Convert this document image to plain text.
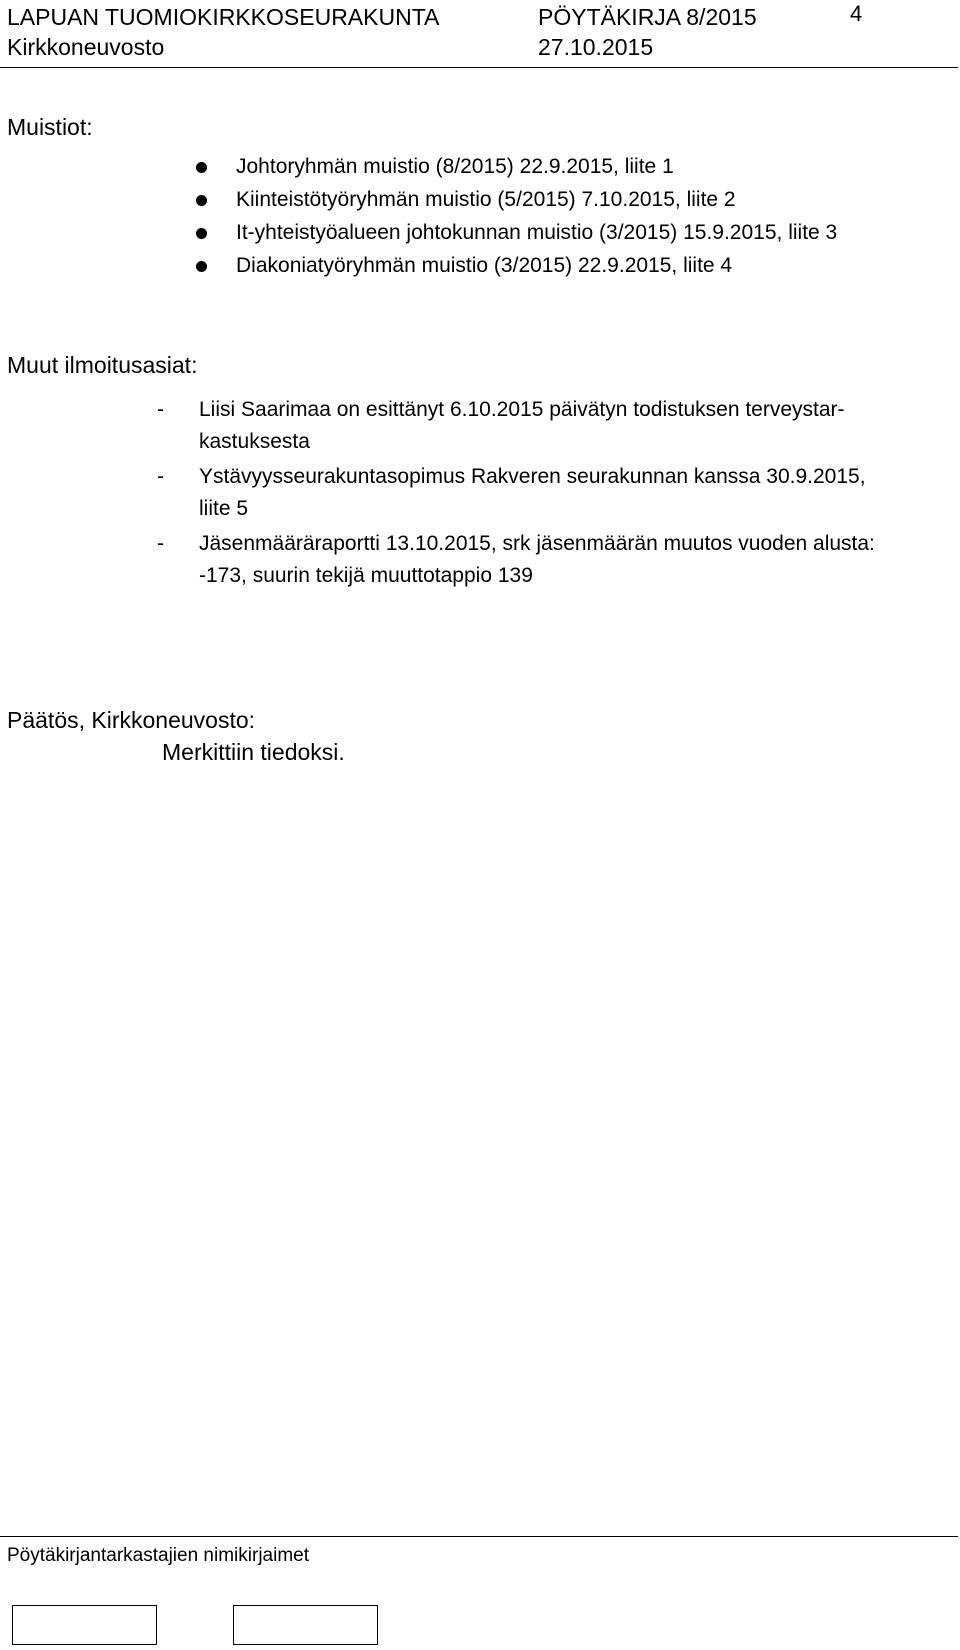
LAPUAN TUOMIOKIRKKOSEURAKUNTA	PÖYTÄKIRJA 8/2015	4
Kirkkoneuvosto	27.10.2015
Muistiot:
Johtoryhmän muistio (8/2015) 22.9.2015, liite 1
Kiinteistötyöryhmän muistio (5/2015) 7.10.2015, liite 2
It-yhteistyöalueen johtokunnan muistio (3/2015) 15.9.2015, liite 3
Diakoniatyöryhmän muistio (3/2015) 22.9.2015, liite 4
Muut ilmoitusasiat:
- Liisi Saarimaa on esittänyt 6.10.2015 päivätyn todistuksen terveystar-kastuksesta
- Ystävyysseurakuntasopimus Rakveren seurakunnan kanssa 30.9.2015, liite 5
- Jäsenmääräraportti 13.10.2015, srk jäsenmäärän muutos vuoden alusta: -173, suurin tekijä muuttotappio 139
Päätös, Kirkkoneuvosto:
Merkittiin tiedoksi.
Pöytäkirjantarkastajien nimikirjaimet
